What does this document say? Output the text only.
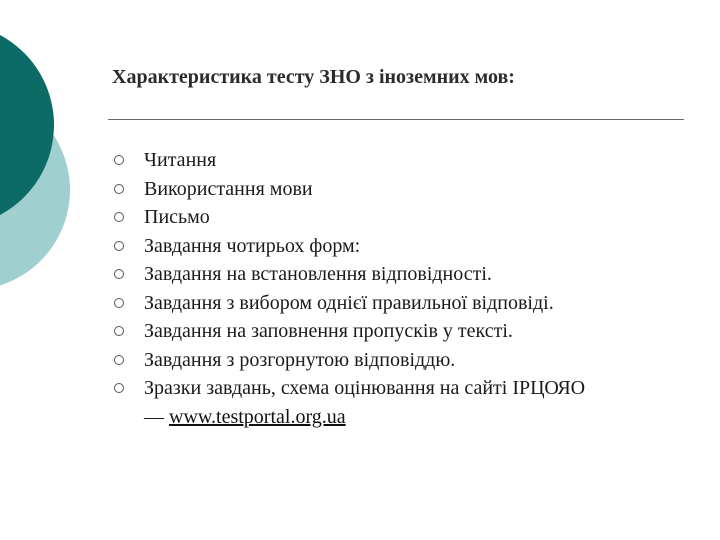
Характеристика тесту ЗНО з іноземних мов:
Читання
Використання мови
Письмо
Завдання чотирьох форм:
Завдання на встановлення відповідності.
Завдання з вибором однієї правильної відповіді.
Завдання на заповнення пропусків у тексті.
Завдання з розгорнутою відповіддю.
Зразки завдань, схема оцінювання на сайті ІРЦОЯО
— www.testportal.org.ua
